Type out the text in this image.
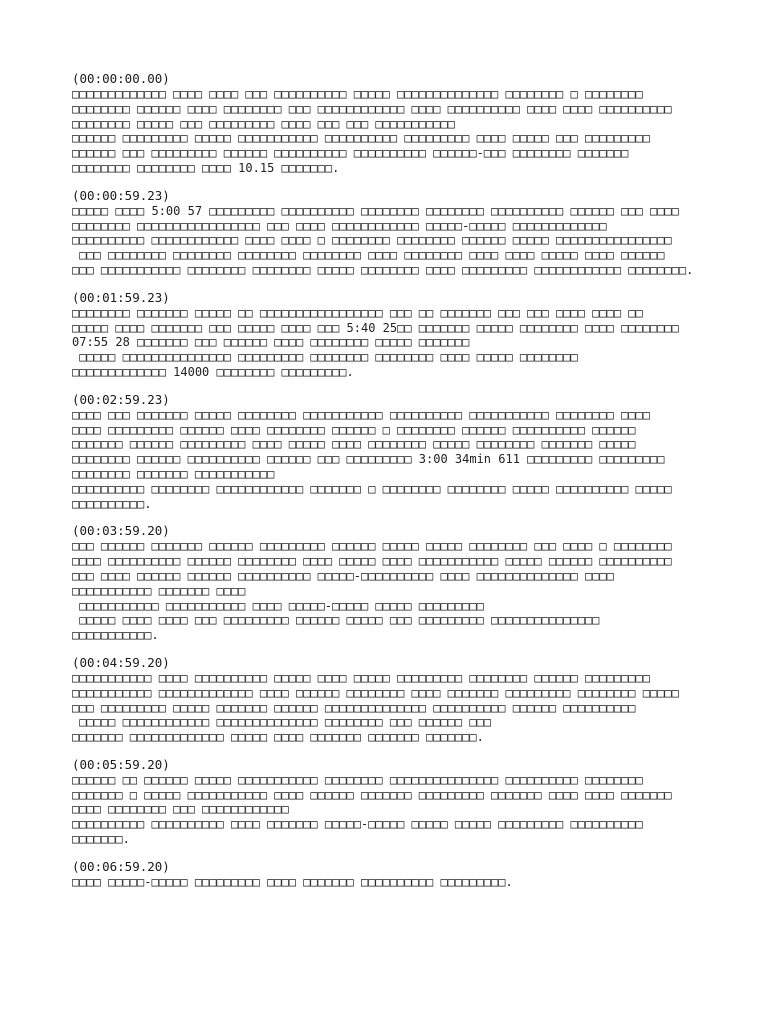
(00:00:00.00)
□□□□□□□□□□□□□ □□□□ □□□□ □□□ □□□□□□□□□□ □□□□□ □□□□□□□□□□□□□□ □□□□□□□□ □ □□□□□□□□
□□□□□□□□ □□□□□□ □□□□ □□□□□□□□ □□□ □□□□□□□□□□□□ □□□□ □□□□□□□□□□ □□□□ □□□□ □□□□□□□□□□
□□□□□□□□ □□□□□ □□□ □□□□□□□□□ □□□□ □□□ □□□ □□□□□□□□□□□
□□□□□□ □□□□□□□□□ □□□□□ □□□□□□□□□□□ □□□□□□□□□□ □□□□□□□□□ □□□□ □□□□□ □□□ □□□□□□□□□
□□□□□□ □□□ □□□□□□□□□ □□□□□□ □□□□□□□□□□ □□□□□□□□□□ □□□□□□-□□□ □□□□□□□□ □□□□□□□
□□□□□□□□ □□□□□□□□ □□□□ 10.15 □□□□□□□.
(00:00:59.23)
□□□□□ □□□□ 5:00 57 □□□□□□□□□ □□□□□□□□□□ □□□□□□□□ □□□□□□□□ □□□□□□□□□□ □□□□□□ □□□ □□□□
□□□□□□□□ □□□□□□□□□□□□□□□□□ □□□ □□□□ □□□□□□□□□□□□ □□□□□-□□□□□ □□□□□□□□□□□□□
□□□□□□□□□□ □□□□□□□□□□□□ □□□□ □□□□ □ □□□□□□□□ □□□□□□□□ □□□□□□ □□□□□ □□□□□□□□□□□□□□□□
□□□ □□□□□□□□ □□□□□□□□ □□□□□□□□ □□□□□□□□ □□□□ □□□□□□□□ □□□□ □□□□ □□□□□ □□□□ □□□□□□
□□□ □□□□□□□□□□□ □□□□□□□□ □□□□□□□□ □□□□□ □□□□□□□□ □□□□ □□□□□□□□□ □□□□□□□□□□□□ □□□□□□□□.
(00:01:59.23)
□□□□□□□□ □□□□□□□ □□□□□ □□ □□□□□□□□□□□□□□□□□ □□□ □□ □□□□□□□ □□□ □□□ □□□□ □□□□ □□
□□□□□ □□□□ □□□□□□□ □□□ □□□□□ □□□□ □□□ 5:40 25□□ □□□□□□□ □□□□□ □□□□□□□□ □□□□ □□□□□□□□
07:55 28 □□□□□□□ □□□ □□□□□□ □□□□ □□□□□□□□ □□□□□ □□□□□□□
□□□□□ □□□□□□□□□□□□□□□ □□□□□□□□□ □□□□□□□□ □□□□□□□□ □□□□ □□□□□ □□□□□□□□
□□□□□□□□□□□□□ 14000 □□□□□□□□ □□□□□□□□□.
(00:02:59.23)
□□□□ □□□ □□□□□□□ □□□□□ □□□□□□□□ □□□□□□□□□□□ □□□□□□□□□□ □□□□□□□□□□□ □□□□□□□□ □□□□
□□□□ □□□□□□□□□ □□□□□□ □□□□ □□□□□□□□ □□□□□□ □ □□□□□□□□ □□□□□□ □□□□□□□□□□ □□□□□□
□□□□□□□ □□□□□□ □□□□□□□□□ □□□□ □□□□□ □□□□ □□□□□□□□ □□□□□ □□□□□□□□ □□□□□□□ □□□□□
□□□□□□□□ □□□□□□ □□□□□□□□□□ □□□□□□ □□□ □□□□□□□□□ 3:00 34min 611 □□□□□□□□□ □□□□□□□□□
□□□□□□□□ □□□□□□□ □□□□□□□□□□□
□□□□□□□□□□ □□□□□□□□ □□□□□□□□□□□□ □□□□□□□ □ □□□□□□□□ □□□□□□□□ □□□□□ □□□□□□□□□□ □□□□□
□□□□□□□□□□.
(00:03:59.20)
□□□ □□□□□□ □□□□□□□ □□□□□□ □□□□□□□□□ □□□□□□ □□□□□ □□□□□ □□□□□□□□ □□□ □□□□ □ □□□□□□□□
□□□□ □□□□□□□□□□ □□□□□□ □□□□□□□□ □□□□ □□□□□ □□□□ □□□□□□□□□□□ □□□□□ □□□□□□ □□□□□□□□□□
□□□ □□□□ □□□□□□ □□□□□□ □□□□□□□□□□ □□□□□-□□□□□□□□□□ □□□□ □□□□□□□□□□□□□□ □□□□
□□□□□□□□□□□ □□□□□□□ □□□□
□□□□□□□□□□□ □□□□□□□□□□□ □□□□ □□□□□-□□□□□ □□□□□ □□□□□□□□□
□□□□□ □□□□ □□□□ □□□ □□□□□□□□□ □□□□□□ □□□□□ □□□ □□□□□□□□□ □□□□□□□□□□□□□□□
□□□□□□□□□□□.
(00:04:59.20)
□□□□□□□□□□□ □□□□ □□□□□□□□□□ □□□□□ □□□□ □□□□□ □□□□□□□□□ □□□□□□□□ □□□□□□ □□□□□□□□□
□□□□□□□□□□□ □□□□□□□□□□□□□ □□□□ □□□□□□ □□□□□□□□ □□□□ □□□□□□□ □□□□□□□□□ □□□□□□□□ □□□□□
□□□ □□□□□□□□□ □□□□□ □□□□□□□ □□□□□□ □□□□□□□□□□□□□□ □□□□□□□□□□ □□□□□□ □□□□□□□□□□
□□□□□ □□□□□□□□□□□□ □□□□□□□□□□□□□□ □□□□□□□□ □□□ □□□□□□ □□□
□□□□□□□ □□□□□□□□□□□□□ □□□□□ □□□□ □□□□□□□ □□□□□□□ □□□□□□□.
(00:05:59.20)
□□□□□□ □□ □□□□□□ □□□□□ □□□□□□□□□□□ □□□□□□□□ □□□□□□□□□□□□□□□ □□□□□□□□□□ □□□□□□□□
□□□□□□□ □ □□□□□ □□□□□□□□□□□ □□□□ □□□□□□ □□□□□□□ □□□□□□□□□ □□□□□□□ □□□□ □□□□ □□□□□□□
□□□□ □□□□□□□□ □□□ □□□□□□□□□□□□
□□□□□□□□□□ □□□□□□□□□□ □□□□ □□□□□□□ □□□□□-□□□□□ □□□□□ □□□□□ □□□□□□□□□ □□□□□□□□□□
□□□□□□□.
(00:06:59.20)
□□□□ □□□□□-□□□□□ □□□□□□□□□ □□□□ □□□□□□□ □□□□□□□□□□ □□□□□□□□□.
